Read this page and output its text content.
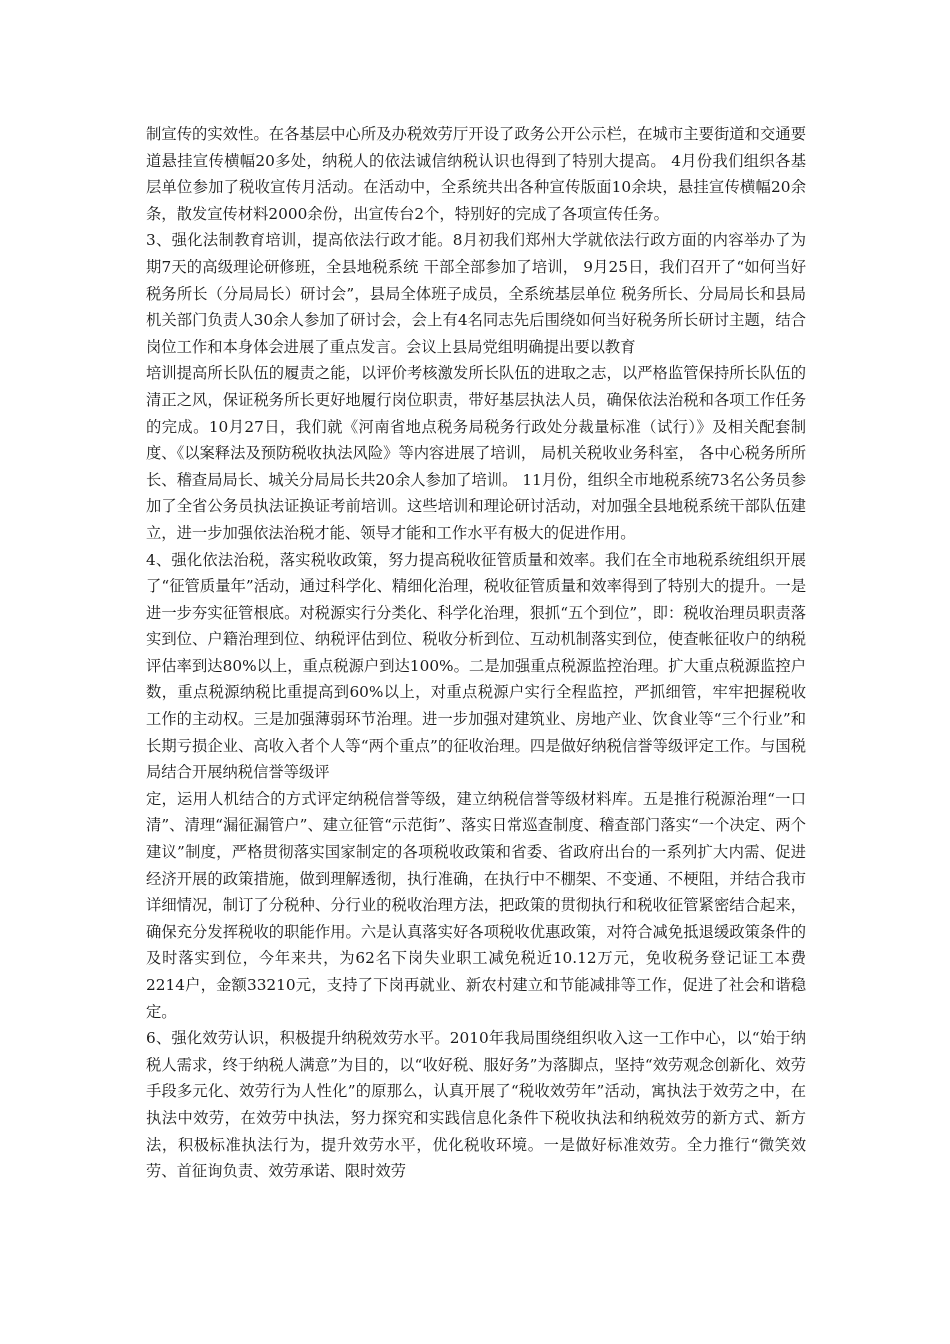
制宣传的实效性。在各基层中心所及办税效劳厅开设了政务公开公示栏，在城市主要街道和交通要道悬挂宣传横幅20多处，纳税人的依法诚信纳税认识也得到了特别大提高。 4月份我们组织各基层单位参加了税收宣传月活动。在活动中，全系统共出各种宣传版面10余块，悬挂宣传横幅20余条，散发宣传材料2000余份，出宣传台2个，特别好的完成了各项宣传任务。

3、强化法制教育培训，提高依法行政才能。8月初我们郑州大学就依法行政方面的内容举办了为期7天的高级理论研修班，全县地税系统 干部全部参加了培训， 9月25日，我们召开了“如何当好税务所长（分局局长）研讨会”，县局全体班子成员，全系统基层单位 税务所长、分局局长和县局机关部门负责人30余人参加了研讨会，会上有4名同志先后围绕如何当好税务所长研讨主题，结合岗位工作和本身体会进展了重点发言。会议上县局党组明确提出要以教育

培训提高所长队伍的履责之能，以评价考核激发所长队伍的进取之志，以严格监管保持所长队伍的清正之风，保证税务所长更好地履行岗位职责，带好基层执法人员，确保依法治税和各项工作任务的完成。10月27日，我们就《河南省地点税务局税务行政处分裁量标准（试行）》及相关配套制度、《以案释法及预防税收执法风险》等内容进展了培训， 局机关税收业务科室， 各中心税务所所长、稽查局局长、城关分局局长共20余人参加了培训。 11月份，组织全市地税系统73名公务员参加了全省公务员执法证换证考前培训。这些培训和理论研讨活动，对加强全县地税系统干部队伍建立，进一步加强依法治税才能、领导才能和工作水平有极大的促进作用。

4、强化依法治税，落实税收政策，努力提高税收征管质量和效率。我们在全市地税系统组织开展了“征管质量年”活动，通过科学化、精细化治理，税收征管质量和效率得到了特别大的提升。一是进一步夯实征管根底。对税源实行分类化、科学化治理，狠抓“五个到位”，即：税收治理员职责落实到位、户籍治理到位、纳税评估到位、税收分析到位、互动机制落实到位，使查帐征收户的纳税评估率到达80%以上，重点税源户到达100%。二是加强重点税源监控治理。扩大重点税源监控户数，重点税源纳税比重提高到60%以上，对重点税源户实行全程监控，严抓细管，牢牢把握税收工作的主动权。三是加强薄弱环节治理。进一步加强对建筑业、房地产业、饮食业等“三个行业”和长期亏损企业、高收入者个人等“两个重点”的征收治理。四是做好纳税信誉等级评定工作。与国税局结合开展纳税信誉等级评

定，运用人机结合的方式评定纳税信誉等级，建立纳税信誉等级材料库。五是推行税源治理“一口清”、清理“漏征漏管户”、建立征管“示范街”、落实日常巡查制度、稽查部门落实“一个决定、两个建议”制度，严格贯彻落实国家制定的各项税收政策和省委、省政府出台的一系列扩大内需、促进经济开展的政策措施，做到理解透彻，执行准确，在执行中不棚架、不变通、不梗阻，并结合我市详细情况，制订了分税种、分行业的税收治理方法，把政策的贯彻执行和税收征管紧密结合起来，确保充分发挥税收的职能作用。六是认真落实好各项税收优惠政策，对符合减免抵退缓政策条件的及时落实到位，今年来共，为62名下岗失业职工减免税近10.12万元，免收税务登记证工本费2214户，金额33210元，支持了下岗再就业、新农村建立和节能减排等工作，促进了社会和谐稳定。

6、强化效劳认识，积极提升纳税效劳水平。2010年我局围绕组织收入这一工作中心，以“始于纳税人需求，终于纳税人满意”为目的，以“收好税、服好务”为落脚点，坚持“效劳观念创新化、效劳手段多元化、效劳行为人性化”的原那么，认真开展了“税收效劳年”活动，寓执法于效劳之中，在执法中效劳，在效劳中执法，努力探究和实践信息化条件下税收执法和纳税效劳的新方式、新方法，积极标准执法行为，提升效劳水平，优化税收环境。一是做好标准效劳。全力推行“微笑效劳、首征询负责、效劳承诺、限时效劳
